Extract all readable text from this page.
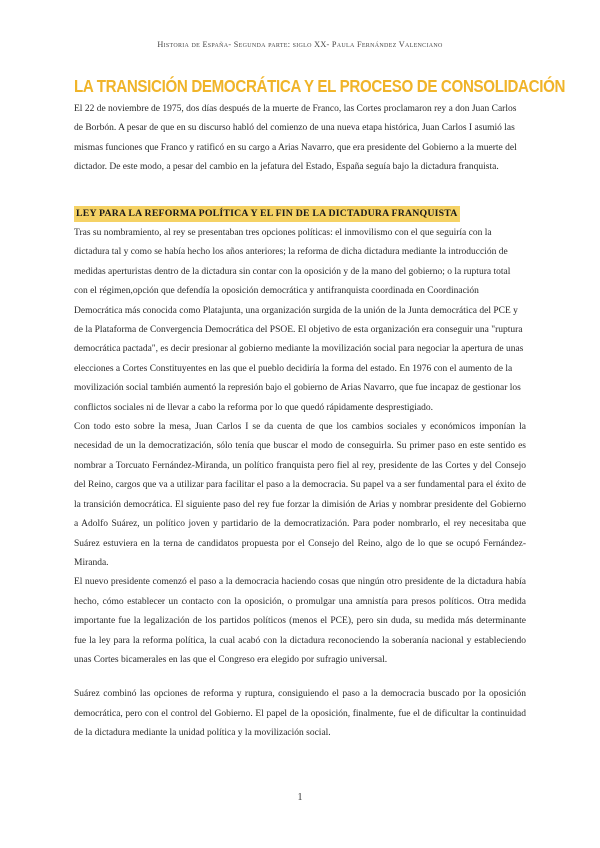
Historia de España- Segunda parte: siglo XX- Paula Fernández Valenciano
LA TRANSICIÓN DEMOCRÁTICA Y EL PROCESO DE CONSOLIDACIÓN

El 22 de noviembre de 1975, dos días después de la muerte de Franco, las Cortes proclamaron rey a don Juan Carlos de Borbón. A pesar de que en su discurso habló del comienzo de una nueva etapa histórica, Juan Carlos I asumió las mismas funciones que Franco y ratificó en su cargo a Arias Navarro, que era presidente del Gobierno a la muerte del dictador. De este modo, a pesar del cambio en la jefatura del Estado, España seguía bajo la dictadura franquista.

LEY PARA LA REFORMA POLÍTICA Y EL FIN DE LA DICTADURA FRANQUISTA

Tras su nombramiento, al rey se presentaban tres opciones políticas: el inmovilismo con el que seguiría con la dictadura tal y como se había hecho los años anteriores; la reforma de dicha dictadura mediante la introducción de medidas aperturistas dentro de la dictadura sin contar con la oposición y de la mano del gobierno; o la ruptura total con el régimen,opción que defendía la oposición democrática y antifranquista coordinada en Coordinación Democrática más conocida como Platajunta, una organización surgida de la unión de la Junta democrática del PCE y de la Plataforma de Convergencia Democrática del PSOE. El objetivo de esta organización era conseguir una "ruptura democrática pactada", es decir presionar al gobierno mediante la movilización social para negociar la apertura de unas elecciones a Cortes Constituyentes en las que el pueblo decidiría la forma del estado. En 1976 con el aumento de la movilización social también aumentó la represión bajo el gobierno de Arias Navarro, que fue incapaz de gestionar los conflictos sociales ni de llevar a cabo la reforma por lo que quedó rápidamente desprestigiado.

Con todo esto sobre la mesa, Juan Carlos I se da cuenta de que los cambios sociales y económicos imponían la necesidad de un la democratización, sólo tenía que buscar el modo de conseguirla. Su primer paso en este sentido es nombrar a Torcuato Fernández-Miranda, un político franquista pero fiel al rey, presidente de las Cortes y del Consejo del Reino, cargos que va a utilizar para facilitar el paso a la democracia. Su papel va a ser fundamental para el éxito de la transición democrática. El siguiente paso del rey fue forzar la dimisión de Arias y nombrar presidente del Gobierno a Adolfo Suárez, un político joven y partidario de la democratización. Para poder nombrarlo, el rey necesitaba que Suárez estuviera en la terna de candidatos propuesta por el Consejo del Reino, algo de lo que se ocupó Fernández-Miranda.

El nuevo presidente comenzó el paso a la democracia haciendo cosas que ningún otro presidente de la dictadura había hecho, cómo establecer un contacto con la oposición, o promulgar una amnistía para presos políticos. Otra medida importante fue la legalización de los partidos políticos (menos el PCE), pero sin duda, su medida más determinante fue la ley para la reforma política, la cual acabó con la dictadura reconociendo la soberanía nacional y estableciendo unas Cortes bicamerales en las que el Congreso era elegido por sufragio universal.

Suárez combinó las opciones de reforma y ruptura, consiguiendo el paso a la democracia buscado por la oposición democrática, pero con el control del Gobierno. El papel de la oposición, finalmente, fue el de dificultar la continuidad de la dictadura mediante la unidad política y la movilización social.

1
